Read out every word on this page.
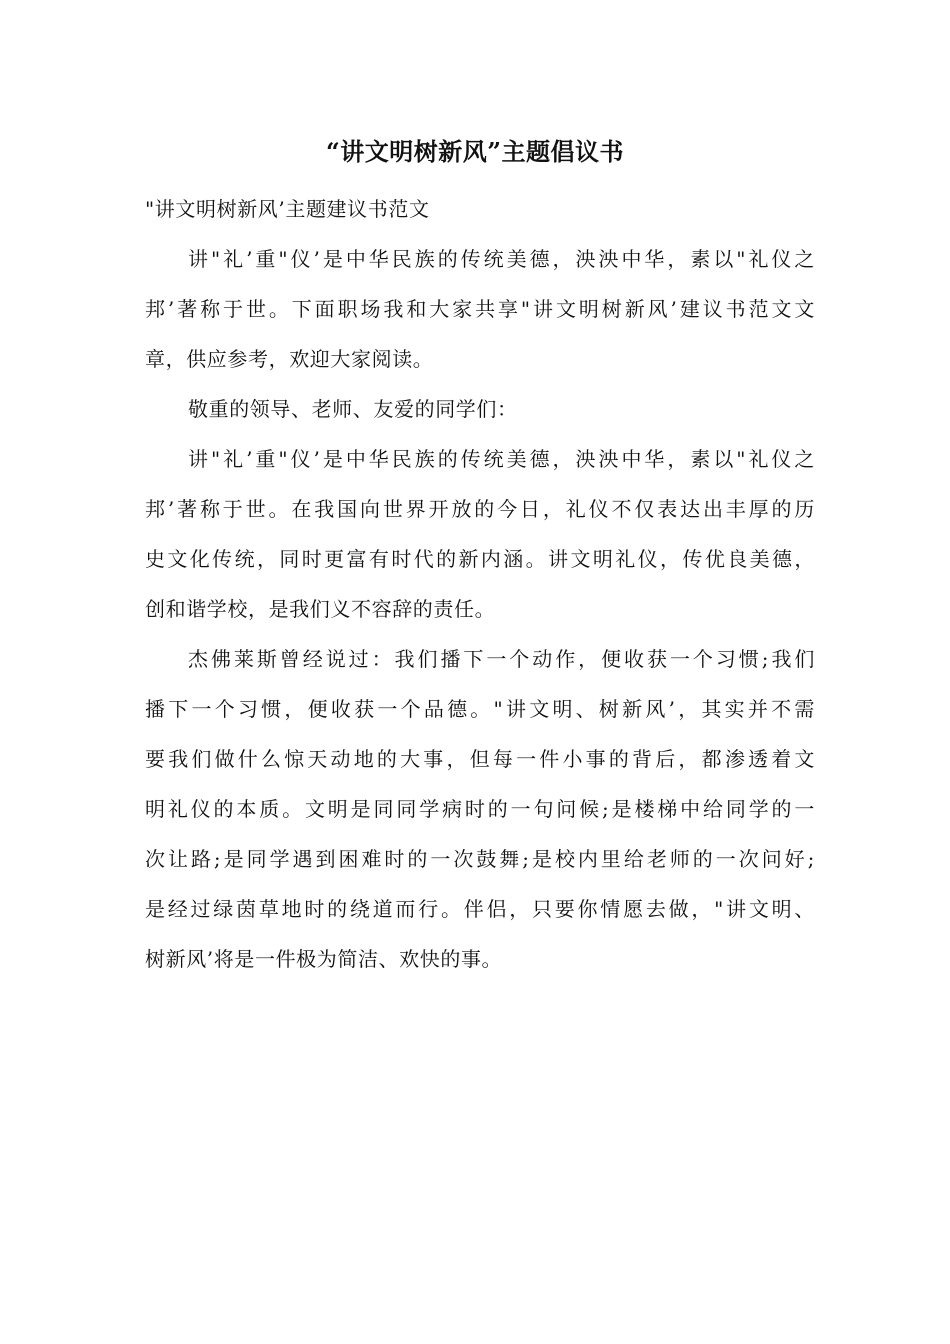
“讲文明树新风”主题倡议书

"讲文明树新风’主题建议书范文

讲"礼’重"仪’是中华民族的传统美德，泱泱中华，素以"礼仪之

邦’著称于世。下面职场我和大家共享"讲文明树新风’建议书范文文

章，供应参考，欢迎大家阅读。

敬重的领导、老师、友爱的同学们：

讲"礼’重"仪’是中华民族的传统美德，泱泱中华，素以"礼仪之

邦’著称于世。在我国向世界开放的今日，礼仪不仅表达出丰厚的历

史文化传统，同时更富有时代的新内涵。讲文明礼仪，传优良美德，

创和谐学校，是我们义不容辞的责任。

杰佛莱斯曾经说过：我们播下一个动作，便收获一个习惯;我们

播下一个习惯，便收获一个品德。"讲文明、树新风’，其实并不需

要我们做什么惊天动地的大事，但每一件小事的背后，都渗透着文

明礼仪的本质。文明是同同学病时的一句问候;是楼梯中给同学的一

次让路;是同学遇到困难时的一次鼓舞;是校内里给老师的一次问好;

是经过绿茵草地时的绕道而行。伴侣，只要你情愿去做，"讲文明、

树新风’将是一件极为简洁、欢快的事。
